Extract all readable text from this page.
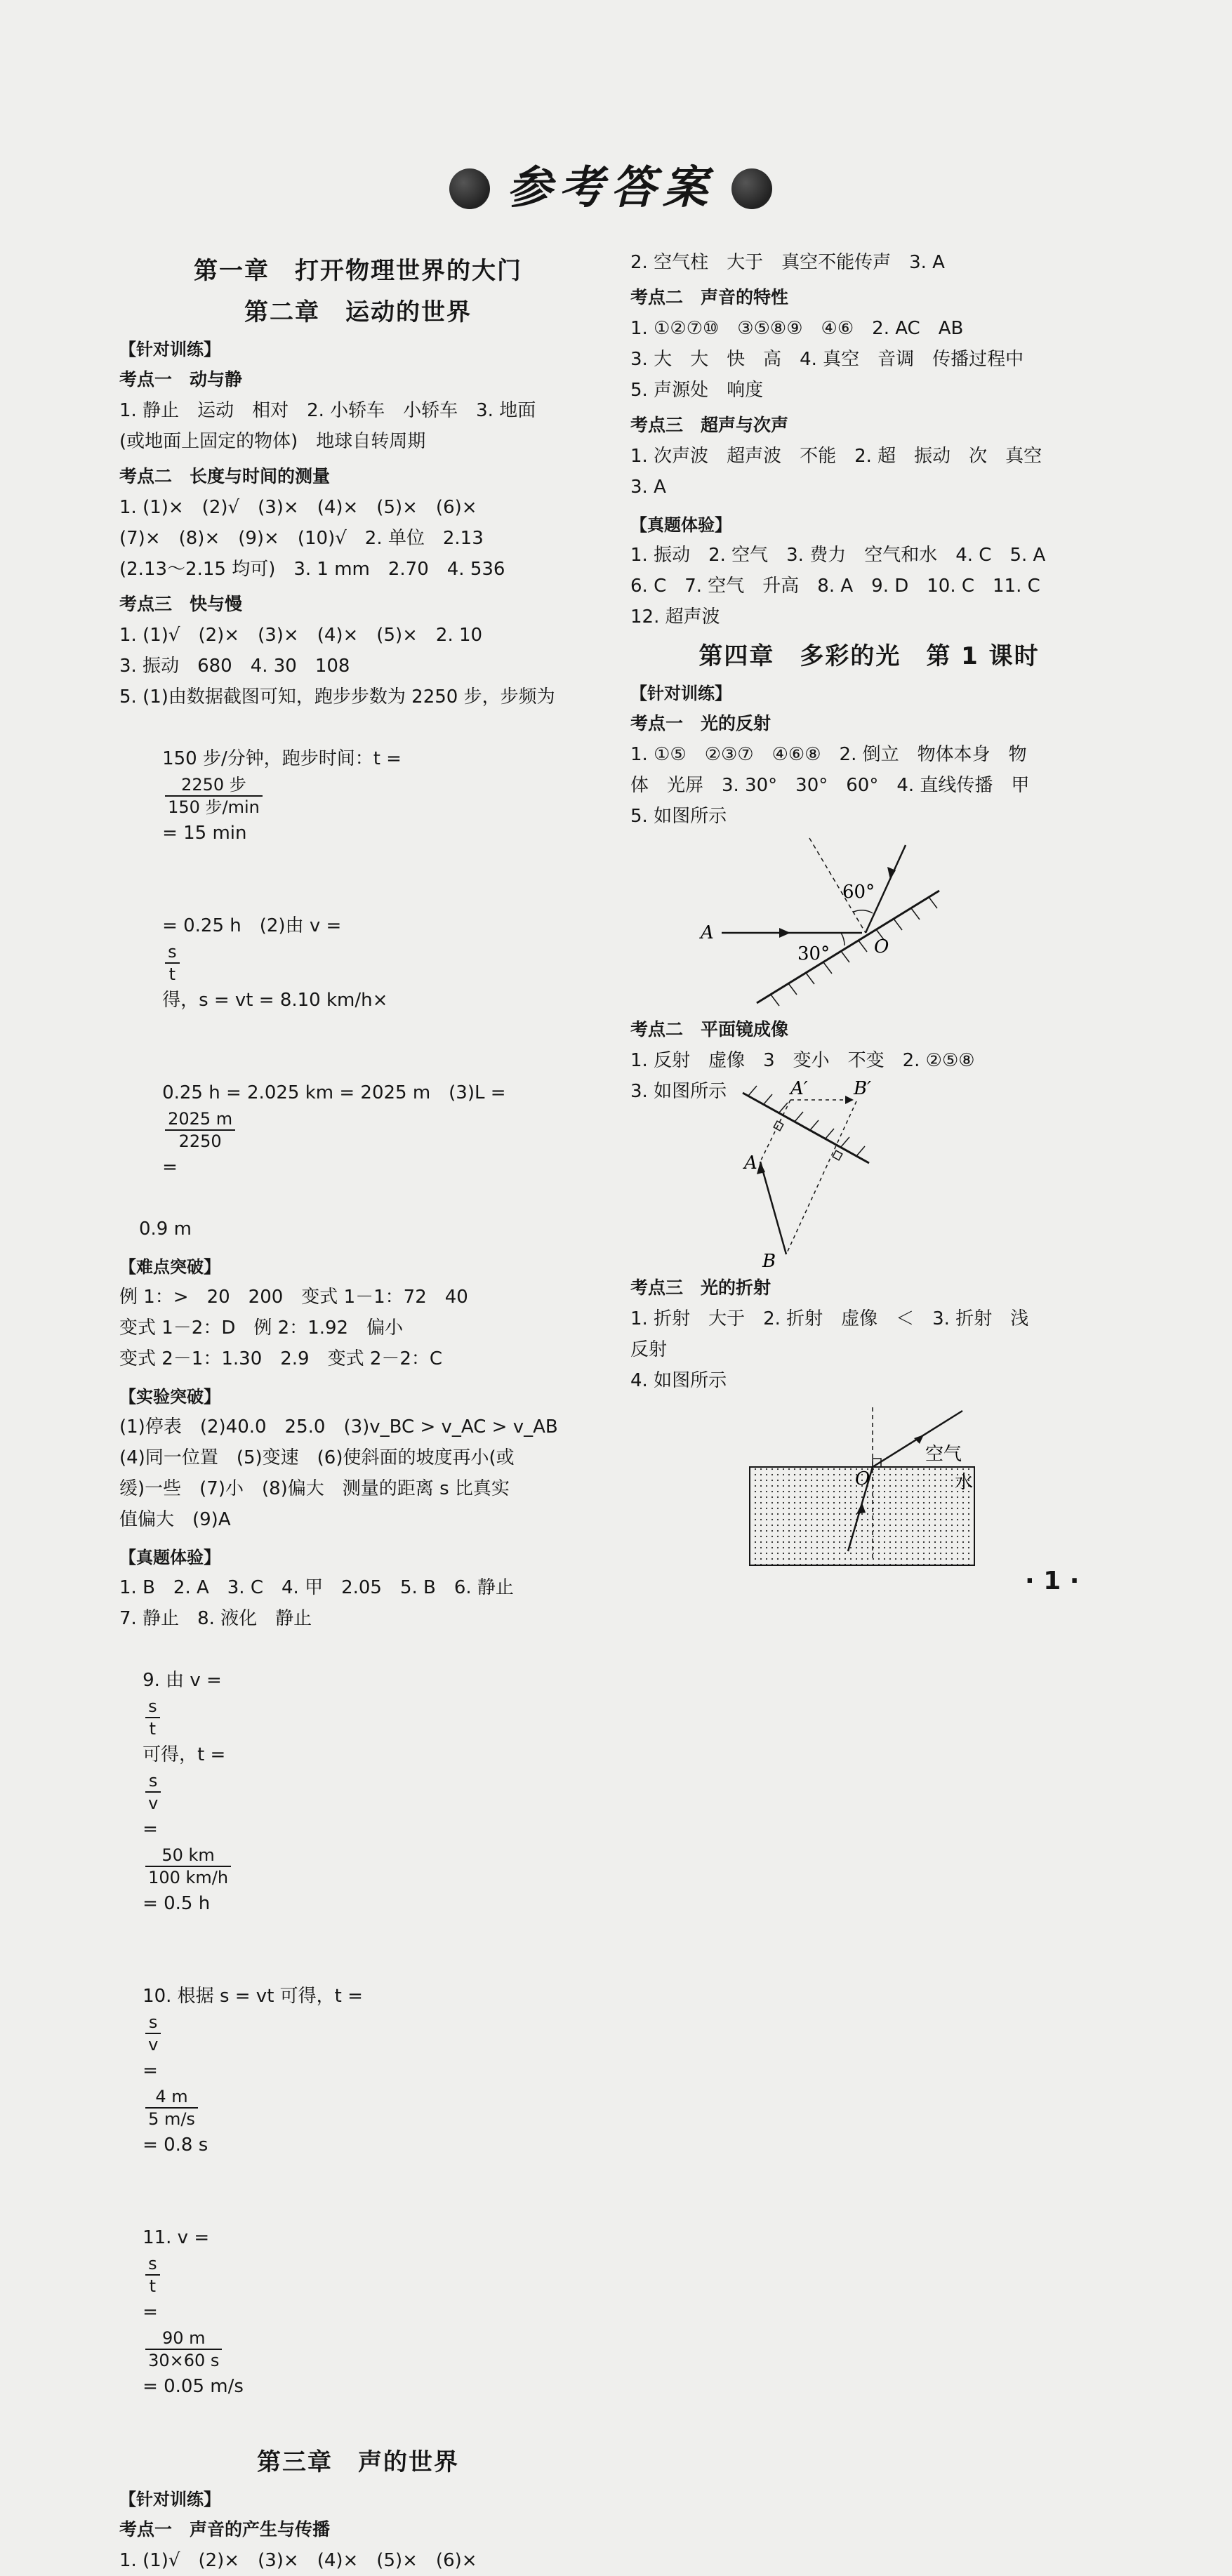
参考答案
第一章　打开物理世界的大门
第二章　运动的世界
【针对训练】
考点一　动与静
1. 静止　运动　相对　2. 小轿车　小轿车　3. 地面
(或地面上固定的物体)　地球自转周期
考点二　长度与时间的测量
1. (1)×　(2)√　(3)×　(4)×　(5)×　(6)×
(7)×　(8)×　(9)×　(10)√　2. 单位　2.13
(2.13～2.15 均可)　3. 1 mm　2.70　4. 536
考点三　快与慢
1. (1)√　(2)×　(3)×　(4)×　(5)×　2. 10
3. 振动　680　4. 30　108
5. (1)由数据截图可知，跑步步数为 2250 步，步频为

150 步/分钟，跑步时间：t =

$\frac{\text{2250 步}}{\text{150 步/min}}$

= 15 min

= 0.25 h　(2)由 v =

$\frac{s}{t}$

得，s = vt = 8.10 km/h×

0.25 h = 2.025 km = 2025 m　(3)L =

$\frac{2025 m}{2250}$

=

0.9 m
【难点突破】
例 1：>　20　200　变式 1－1：72　40
变式 1－2：D　例 2：1.92　偏小
变式 2－1：1.30　2.9　变式 2－2：C
【实验突破】
(1)停表　(2)40.0　25.0　(3)v_BC > v_AC > v_AB
(4)同一位置　(5)变速　(6)使斜面的坡度再小(或
缓)一些　(7)小　(8)偏大　测量的距离 s 比真实
值偏大　(9)A
【真题体验】
1. B　2. A　3. C　4. 甲　2.05　5. B　6. 静止
7. 静止　8. 液化　静止

9. 由 v =

$\frac{s}{t}$

可得，t =

$\frac{s}{v}$

=

$\frac{50 km}{100 km/h}$

= 0.5 h

10. 根据 s = vt 可得，t =

$\frac{s}{v}$

=

$\frac{4 m}{5 m/s}$

= 0.8 s

11. v =

$\frac{s}{t}$

=

$\frac{90 m}{30\times 60 s}$

= 0.05 m/s

第三章　声的世界
【针对训练】
考点一　声音的产生与传播
1. (1)√　(2)×　(3)×　(4)×　(5)×　(6)×
2. 空气柱　大于　真空不能传声　3. A
考点二　声音的特性
1. ①②⑦⑩　③⑤⑧⑨　④⑥　2. AC　AB
3. 大　大　快　高　4. 真空　音调　传播过程中
5. 声源处　响度
考点三　超声与次声
1. 次声波　超声波　不能　2. 超　振动　次　真空
3. A
【真题体验】
1. 振动　2. 空气　3. 费力　空气和水　4. C　5. A
6. C　7. 空气　升高　8. A　9. D　10. C　11. C
12. 超声波
第四章　多彩的光　第 1 课时
【针对训练】
考点一　光的反射
1. ①⑤　②③⑦　④⑥⑧　2. 倒立　物体本身　物
体　光屏　3. 30°　30°　60°　4. 直线传播　甲
5. 如图所示
60°
30°
A
O
考点二　平面镜成像
1. 反射　虚像　3　变小　不变　2. ②⑤⑧
3. 如图所示	A′	B′
A
B
考点三　光的折射
1. 折射　大于　2. 折射　虚像　＜　3. 折射　浅
反射
4. 如图所示
空气
水
O
· 1 ·
